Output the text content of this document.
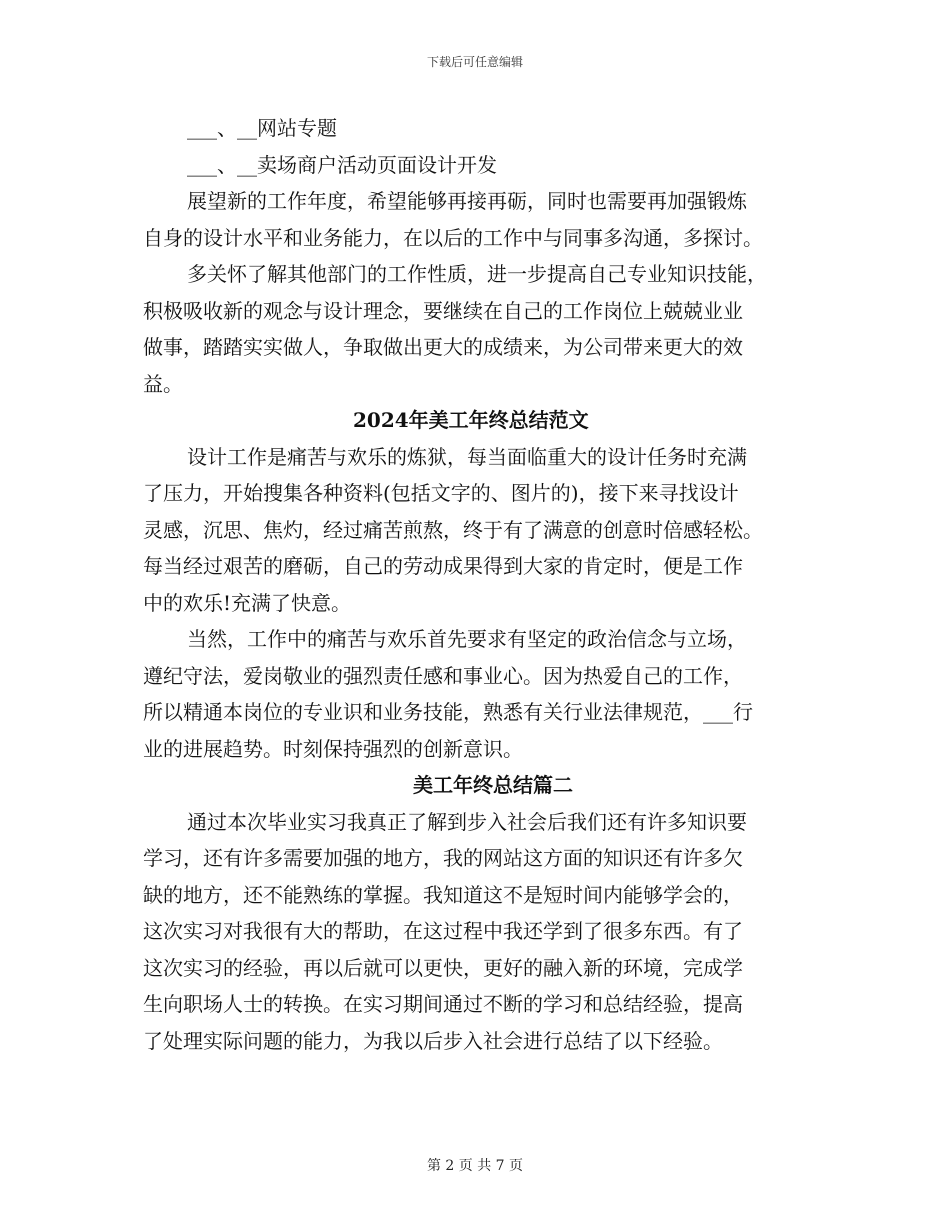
下载后可任意编辑
___、__网站专题
___、__卖场商户活动页面设计开发
展望新的工作年度，希望能够再接再砺，同时也需要再加强锻炼
自身的设计水平和业务能力，在以后的工作中与同事多沟通，多探讨。
多关怀了解其他部门的工作性质，进一步提高自己专业知识技能，
积极吸收新的观念与设计理念，要继续在自己的工作岗位上兢兢业业
做事，踏踏实实做人，争取做出更大的成绩来，为公司带来更大的效
益。
2024年美工年终总结范文
设计工作是痛苦与欢乐的炼狱，每当面临重大的设计任务时充满
了压力，开始搜集各种资料(包括文字的、图片的)，接下来寻找设计
灵感，沉思、焦灼，经过痛苦煎熬，终于有了满意的创意时倍感轻松。
每当经过艰苦的磨砺，自己的劳动成果得到大家的肯定时，便是工作
中的欢乐!充满了快意。
当然，工作中的痛苦与欢乐首先要求有坚定的政治信念与立场，
遵纪守法，爱岗敬业的强烈责任感和事业心。因为热爱自己的工作，
所以精通本岗位的专业识和业务技能，熟悉有关行业法律规范，___行
业的进展趋势。时刻保持强烈的创新意识。
美工年终总结篇二
通过本次毕业实习我真正了解到步入社会后我们还有许多知识要
学习，还有许多需要加强的地方，我的网站这方面的知识还有许多欠
缺的地方，还不能熟练的掌握。我知道这不是短时间内能够学会的，
这次实习对我很有大的帮助，在这过程中我还学到了很多东西。有了
这次实习的经验，再以后就可以更快，更好的融入新的环境，完成学
生向职场人士的转换。在实习期间通过不断的学习和总结经验，提高
了处理实际问题的能力，为我以后步入社会进行总结了以下经验。
第 2 页 共 7 页
